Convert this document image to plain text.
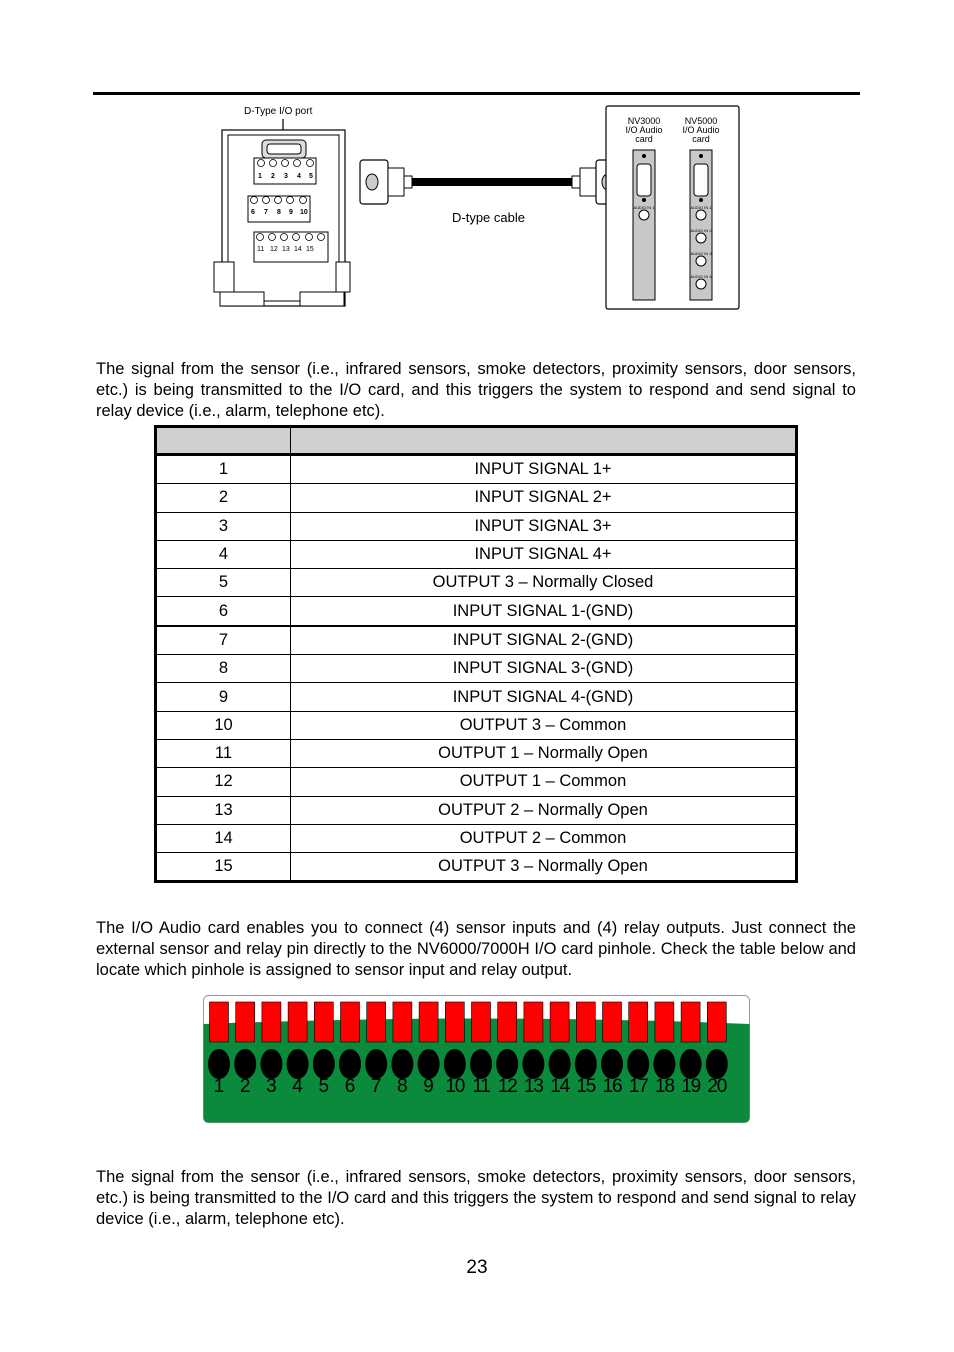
D-Type I/O port
1 2 3 4 5
6 7 8 9 10
11 12 13 14 15
D-type cable
NV3000
I/O Audio
card
NV5000
I/O Audio
card
AUDIO IN 1	AUDIO IN 1
AUDIO IN 2
AUDIO IN 3
AUDIO IN 4

The signal from the sensor (i.e., infrared sensors, smoke detectors, proximity sensors, door sensors, etc.) is being transmitted to the I/O card, and this triggers the system to respond and send signal to relay device (i.e., alarm, telephone etc).

1	INPUT SIGNAL 1+
2	INPUT SIGNAL 2+
3	INPUT SIGNAL 3+
4	INPUT SIGNAL 4+
5	OUTPUT 3 – Normally Closed
6	INPUT SIGNAL 1-(GND)
7	INPUT SIGNAL 2-(GND)
8	INPUT SIGNAL 3-(GND)
9	INPUT SIGNAL 4-(GND)
10	OUTPUT 3 – Common
11	OUTPUT 1 – Normally Open
12	OUTPUT 1 – Common
13	OUTPUT 2 – Normally Open
14	OUTPUT 2 – Common
15	OUTPUT 3 – Normally Open

The I/O Audio card enables you to connect (4) sensor inputs and (4) relay outputs. Just connect the external sensor and relay pin directly to the NV6000/7000H I/O card pinhole. Check the table below and locate which pinhole is assigned to sensor input and relay output.

1 2 3 4 5 6 7 8 9 10 11 12 13 14 15 16 17 18 19 20

The signal from the sensor (i.e., infrared sensors, smoke detectors, proximity sensors, door sensors, etc.) is being transmitted to the I/O card and this triggers the system to respond and send signal to relay device (i.e., alarm, telephone etc).

23
